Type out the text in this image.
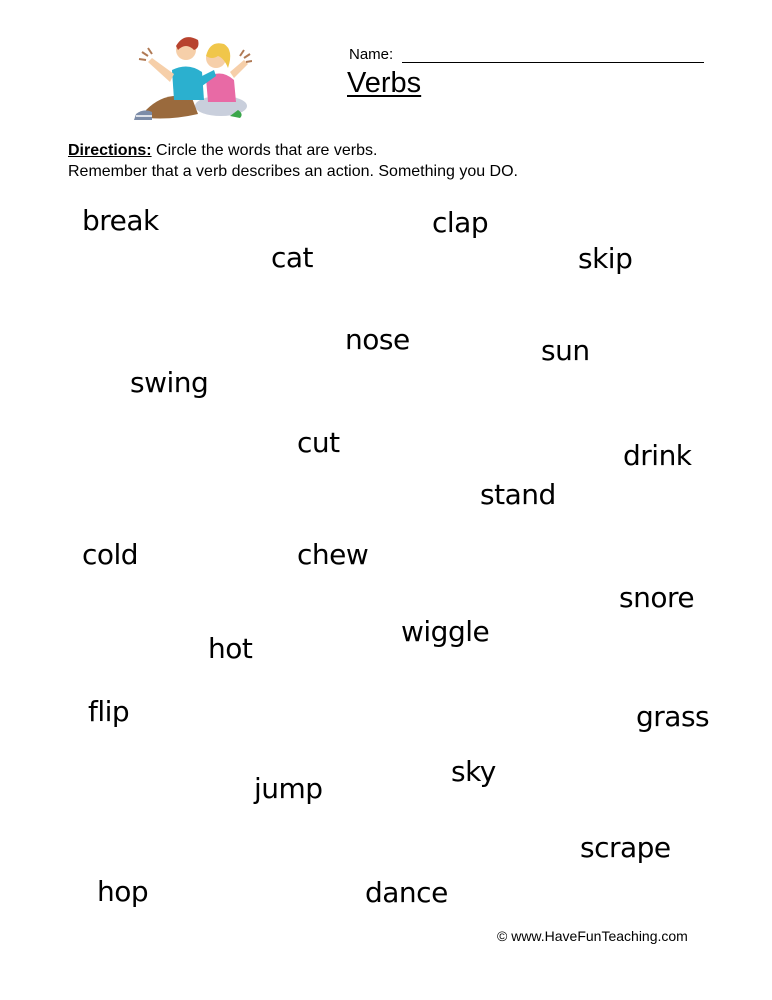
Name:
Verbs
Directions: Circle the words that are verbs.
Remember that a verb describes an action. Something you DO.
break	clap
cat	skip
nose	sun
swing
cut	drink
stand
cold	chew
snore
wiggle
hot
flip	grass
sky
jump
scrape
hop	dance
© www.HaveFunTeaching.com
